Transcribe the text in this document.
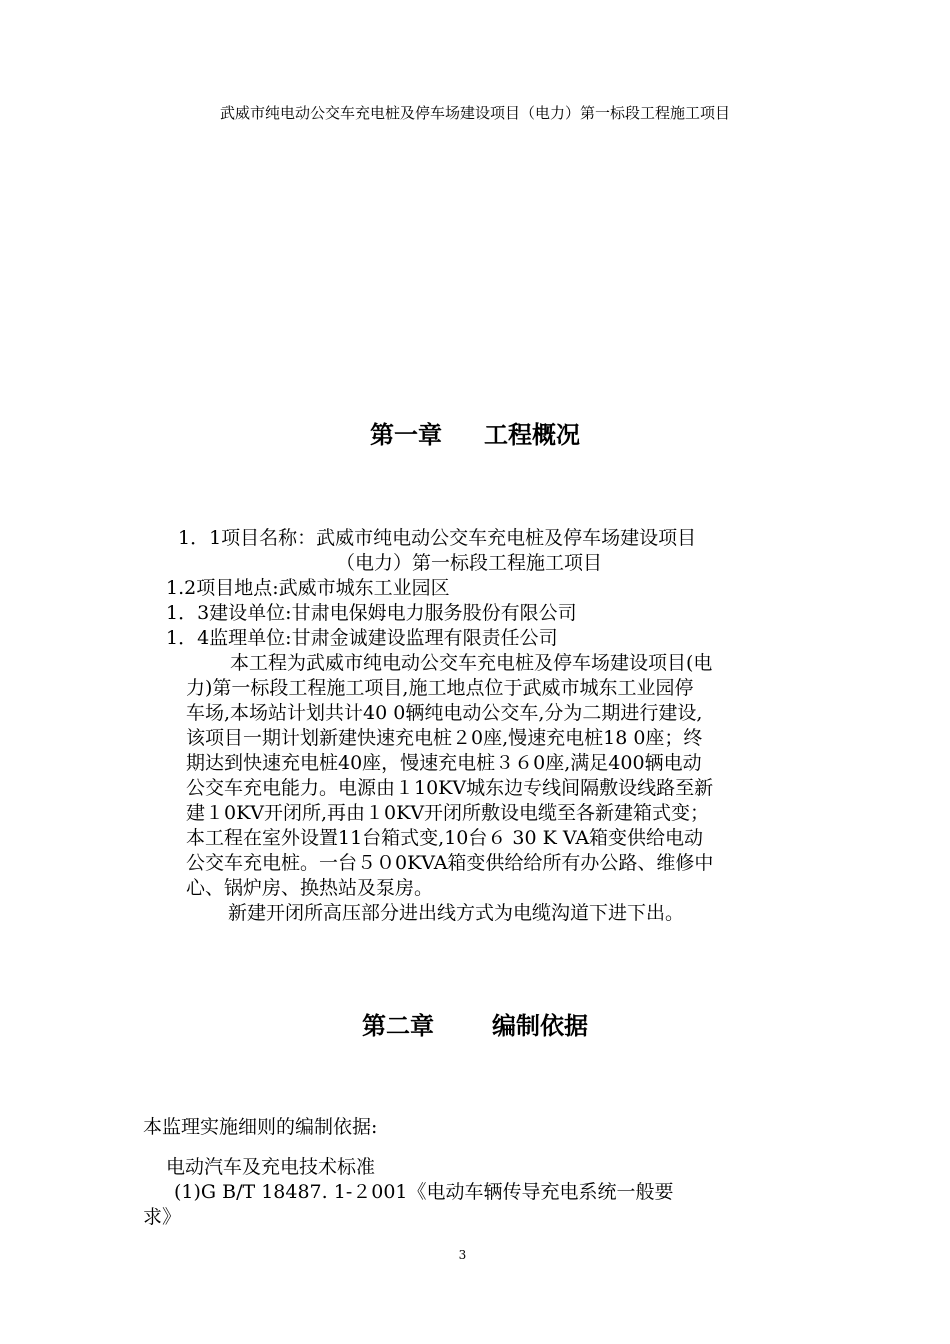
武威市纯电动公交车充电桩及停车场建设项目（电力）第一标段工程施工项目
第一章 工程概况
1．1项目名称：武威市纯电动公交车充电桩及停车场建设项目
（电力）第一标段工程施工项目
1.2项目地点:武威市城东工业园区
1．3建设单位:甘肃电保姆电力服务股份有限公司
1．4监理单位:甘肃金诚建设监理有限责任公司
本工程为武威市纯电动公交车充电桩及停车场建设项目(电
力)第一标段工程施工项目,施工地点位于武威市城东工业园停
车场,本场站计划共计40 0辆纯电动公交车,分为二期进行建设,
该项目一期计划新建快速充电桩２0座,慢速充电桩18 0座；终
期达到快速充电桩40座，慢速充电桩３６0座,满足400辆电动
公交车充电能力。电源由１10KV城东边专线间隔敷设线路至新
建１0KV开闭所,再由１0KV开闭所敷设电缆至各新建箱式变；
本工程在室外设置11台箱式变,10台６ 30 K VA箱变供给电动
公交车充电桩。一台５０0KVA箱变供给给所有办公路、维修中
心、锅炉房、换热站及泵房。
新建开闭所高压部分进出线方式为电缆沟道下进下出。
第二章 编制依据
本监理实施细则的编制依据:
电动汽车及充电技术标准
(1)G B/T 18487. 1-２001《电动车辆传导充电系统一般要
求》
3
